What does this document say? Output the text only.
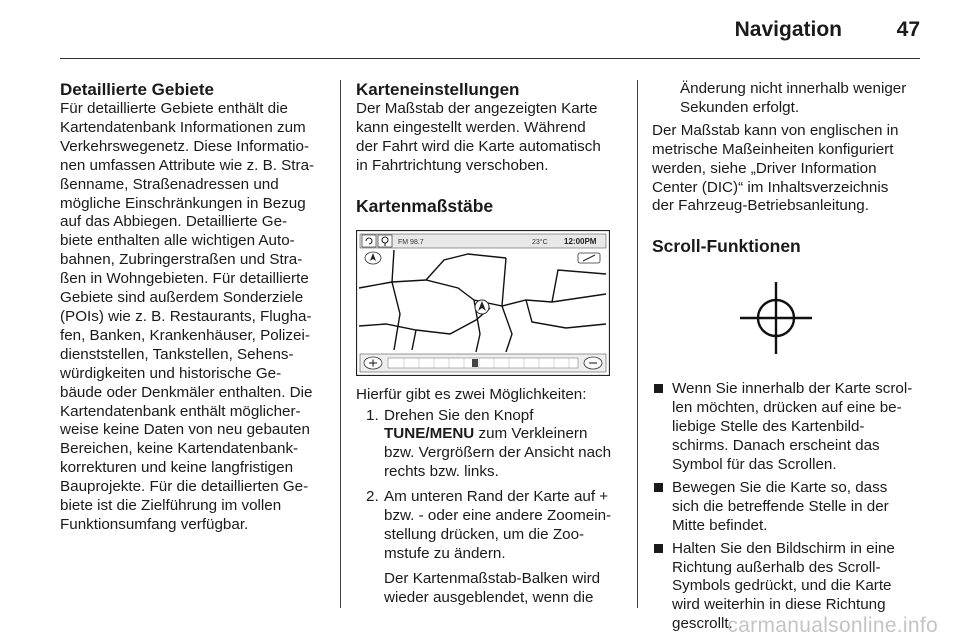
Navigation	47
Detaillierte Gebiete

Für detaillierte Gebiete enthält die
Kartendatenbank Informationen zum
Verkehrswegenetz. Diese Informatio-
nen umfassen Attribute wie z. B. Stra-
ßenname, Straßenadressen und
mögliche Einschränkungen in Bezug
auf das Abbiegen. Detaillierte Ge-
biete enthalten alle wichtigen Auto-
bahnen, Zubringerstraßen und Stra-
ßen in Wohngebieten. Für detaillierte
Gebiete sind außerdem Sonderziele
(POIs) wie z. B. Restaurants, Flugha-
fen, Banken, Krankenhäuser, Polizei-
dienststellen, Tankstellen, Sehens-
würdigkeiten und historische Ge-
bäude oder Denkmäler enthalten. Die
Kartendatenbank enthält möglicher-
weise keine Daten von neu gebauten
Bereichen, keine Kartendatenbank-
korrekturen und keine langfristigen
Bauprojekte. Für die detaillierten Ge-
biete ist die Zielführung im vollen
Funktionsumfang verfügbar.

Karteneinstellungen

Der Maßstab der angezeigten Karte
kann eingestellt werden. Während
der Fahrt wird die Karte automatisch
in Fahrtrichtung verschoben.

Kartenmaßstäbe
FM 98.7	23°C 12:00PM

Hierfür gibt es zwei Möglichkeiten:

1. Drehen Sie den Knopf
TUNE/MENU zum Verkleinern
bzw. Vergrößern der Ansicht nach
rechts bzw. links.
2. Am unteren Rand der Karte auf +
bzw. - oder eine andere Zoomein-
stellung drücken, um die Zoo-
mstufe zu ändern.
Der Kartenmaßstab-Balken wird
wieder ausgeblendet, wenn die

Änderung nicht innerhalb weniger
Sekunden erfolgt.

Der Maßstab kann von englischen in
metrische Maßeinheiten konfiguriert
werden, siehe „Driver Information
Center (DIC)“ im Inhaltsverzeichnis
der Fahrzeug-Betriebsanleitung.

Scroll-Funktionen
Wenn Sie innerhalb der Karte scrol-
len möchten, drücken auf eine be-
liebige Stelle des Kartenbild-
schirms. Danach erscheint das
Symbol für das Scrollen.
Bewegen Sie die Karte so, dass
sich die betreffende Stelle in der
Mitte befindet.
Halten Sie den Bildschirm in eine
Richtung außerhalb des Scroll-
Symbols gedrückt, und die Karte
wird weiterhin in diese Richtung
gescrollt.
carmanualsonline.info
